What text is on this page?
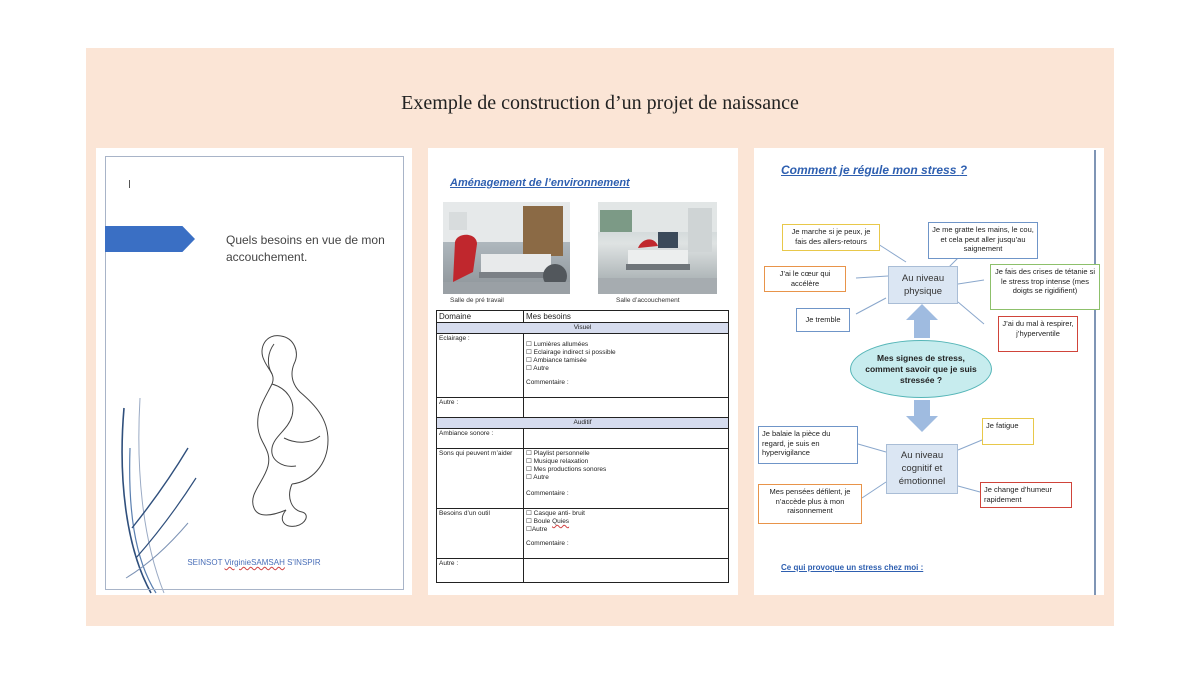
Exemple de construction d’un projet de naissance
Quels besoins en vue de mon accouchement.
SEINSOT VirginieSAMSAH S'INSPIR
Aménagement de l’environnement
Salle de pré travail	Salle d’accouchement
Domaine	Mes besoins
Visuel	
Eclairage :	☐ Lumières allumées
☐ Eclairage indirect si possible
☐ Ambiance tamisée
☐ Autre
Commentaire :

Autre :	
Auditif	
Ambiance sonore :	
Sons qui peuvent m’aider	☐ Playlist personnelle
☐ Musique relaxation
☐ Mes productions sonores
☐ Autre
Commentaire :

Besoins d’un outil	☐ Casque anti- bruit
☐ Boule Quies
☐Autre
Commentaire :

Autre :	
Comment je régule mon stress ?
Je marche si je peux, je fais des allers-retours
Je me gratte les mains, le cou, et cela peut aller jusqu’au saignement
J’ai le cœur qui accélère
Je fais des crises de tétanie si le stress trop intense (mes doigts se rigidifient)
Je tremble	J’ai du mal à respirer, j’hyperventile
Au niveau physique
Mes signes de stress, comment savoir que je suis stressée ?
Au niveau cognitif et émotionnel
Je balaie la pièce du regard, je suis en hypervigilance
Je fatigue
Mes pensées défilent, je n’accède plus à mon raisonnement
Je change d’humeur rapidement
Ce qui provoque un stress chez moi :
